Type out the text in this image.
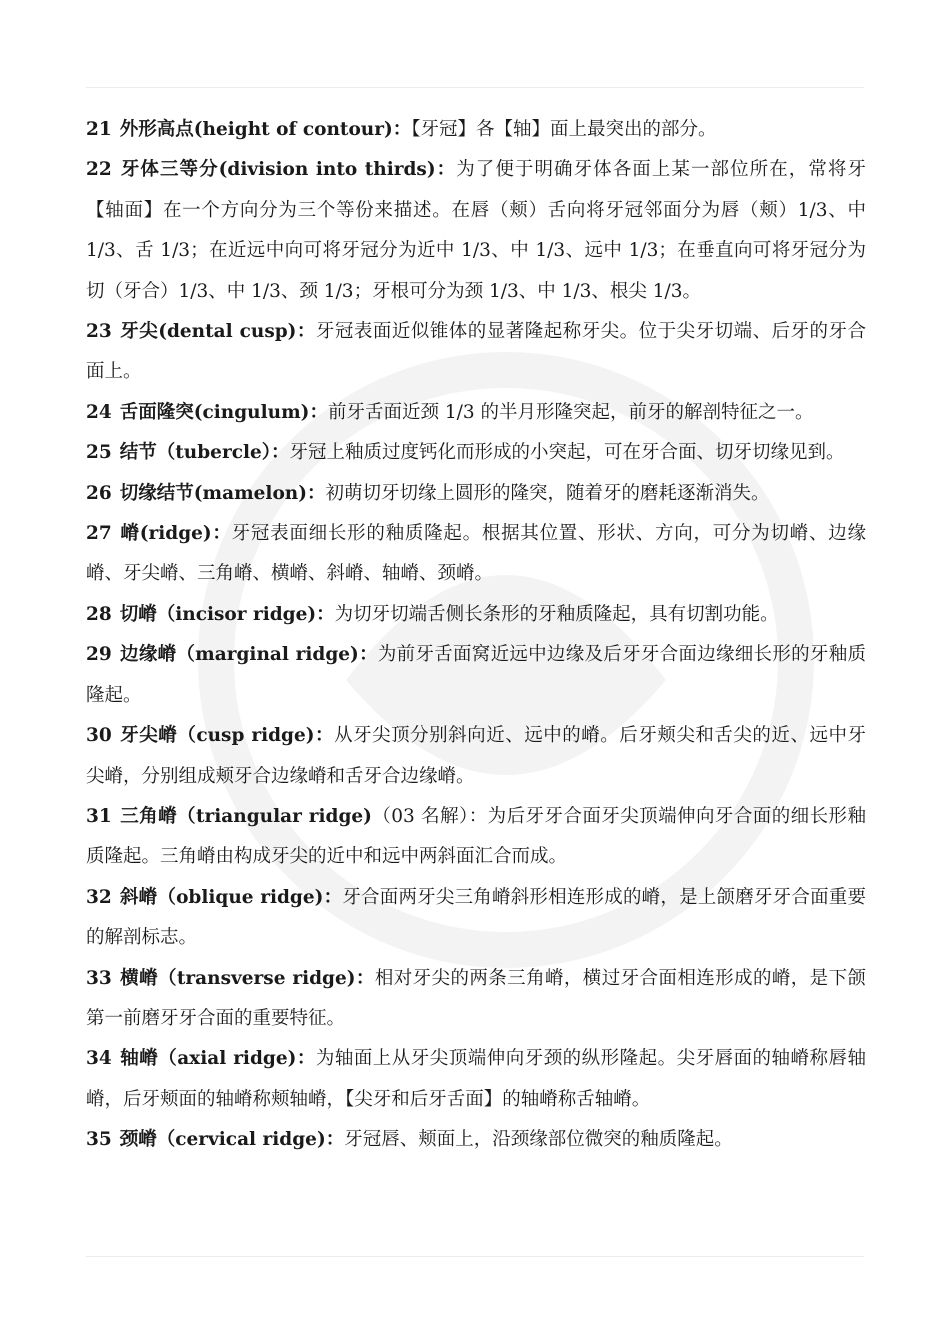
21 外形高点(height of contour)：【牙冠】各【轴】面上最突出的部分。

22 牙体三等分(division into thirds)：为了便于明确牙体各面上某一部位所在，常将牙【轴面】在一个方向分为三个等份来描述。在唇（颊）舌向将牙冠邻面分为唇（颊）1/3、中 1/3、舌 1/3；在近远中向可将牙冠分为近中 1/3、中 1/3、远中 1/3；在垂直向可将牙冠分为切（牙合）1/3、中 1/3、颈 1/3；牙根可分为颈 1/3、中 1/3、根尖 1/3。

23 牙尖(dental cusp)：牙冠表面近似锥体的显著隆起称牙尖。位于尖牙切端、后牙的牙合面上。

24 舌面隆突(cingulum)：前牙舌面近颈 1/3 的半月形隆突起，前牙的解剖特征之一。

25 结节（tubercle）：牙冠上釉质过度钙化而形成的小突起，可在牙合面、切牙切缘见到。

26 切缘结节(mamelon)：初萌切牙切缘上圆形的隆突，随着牙的磨耗逐渐消失。

27 嵴(ridge)：牙冠表面细长形的釉质隆起。根据其位置、形状、方向，可分为切嵴、边缘嵴、牙尖嵴、三角嵴、横嵴、斜嵴、轴嵴、颈嵴。

28 切嵴（incisor ridge)：为切牙切端舌侧长条形的牙釉质隆起，具有切割功能。

29 边缘嵴（marginal ridge)：为前牙舌面窝近远中边缘及后牙牙合面边缘细长形的牙釉质隆起。

30 牙尖嵴（cusp ridge)：从牙尖顶分别斜向近、远中的嵴。后牙颊尖和舌尖的近、远中牙尖嵴，分别组成颊牙合边缘嵴和舌牙合边缘嵴。

31 三角嵴（triangular ridge)（03 名解）：为后牙牙合面牙尖顶端伸向牙合面的细长形釉质隆起。三角嵴由构成牙尖的近中和远中两斜面汇合而成。

32 斜嵴（oblique ridge)：牙合面两牙尖三角嵴斜形相连形成的嵴，是上颌磨牙牙合面重要的解剖标志。

33 横嵴（transverse ridge)：相对牙尖的两条三角嵴，横过牙合面相连形成的嵴，是下颌第一前磨牙牙合面的重要特征。

34 轴嵴（axial ridge)：为轴面上从牙尖顶端伸向牙颈的纵形隆起。尖牙唇面的轴嵴称唇轴嵴，后牙颊面的轴嵴称颊轴嵴，【尖牙和后牙舌面】的轴嵴称舌轴嵴。

35 颈嵴（cervical ridge)：牙冠唇、颊面上，沿颈缘部位微突的釉质隆起。
